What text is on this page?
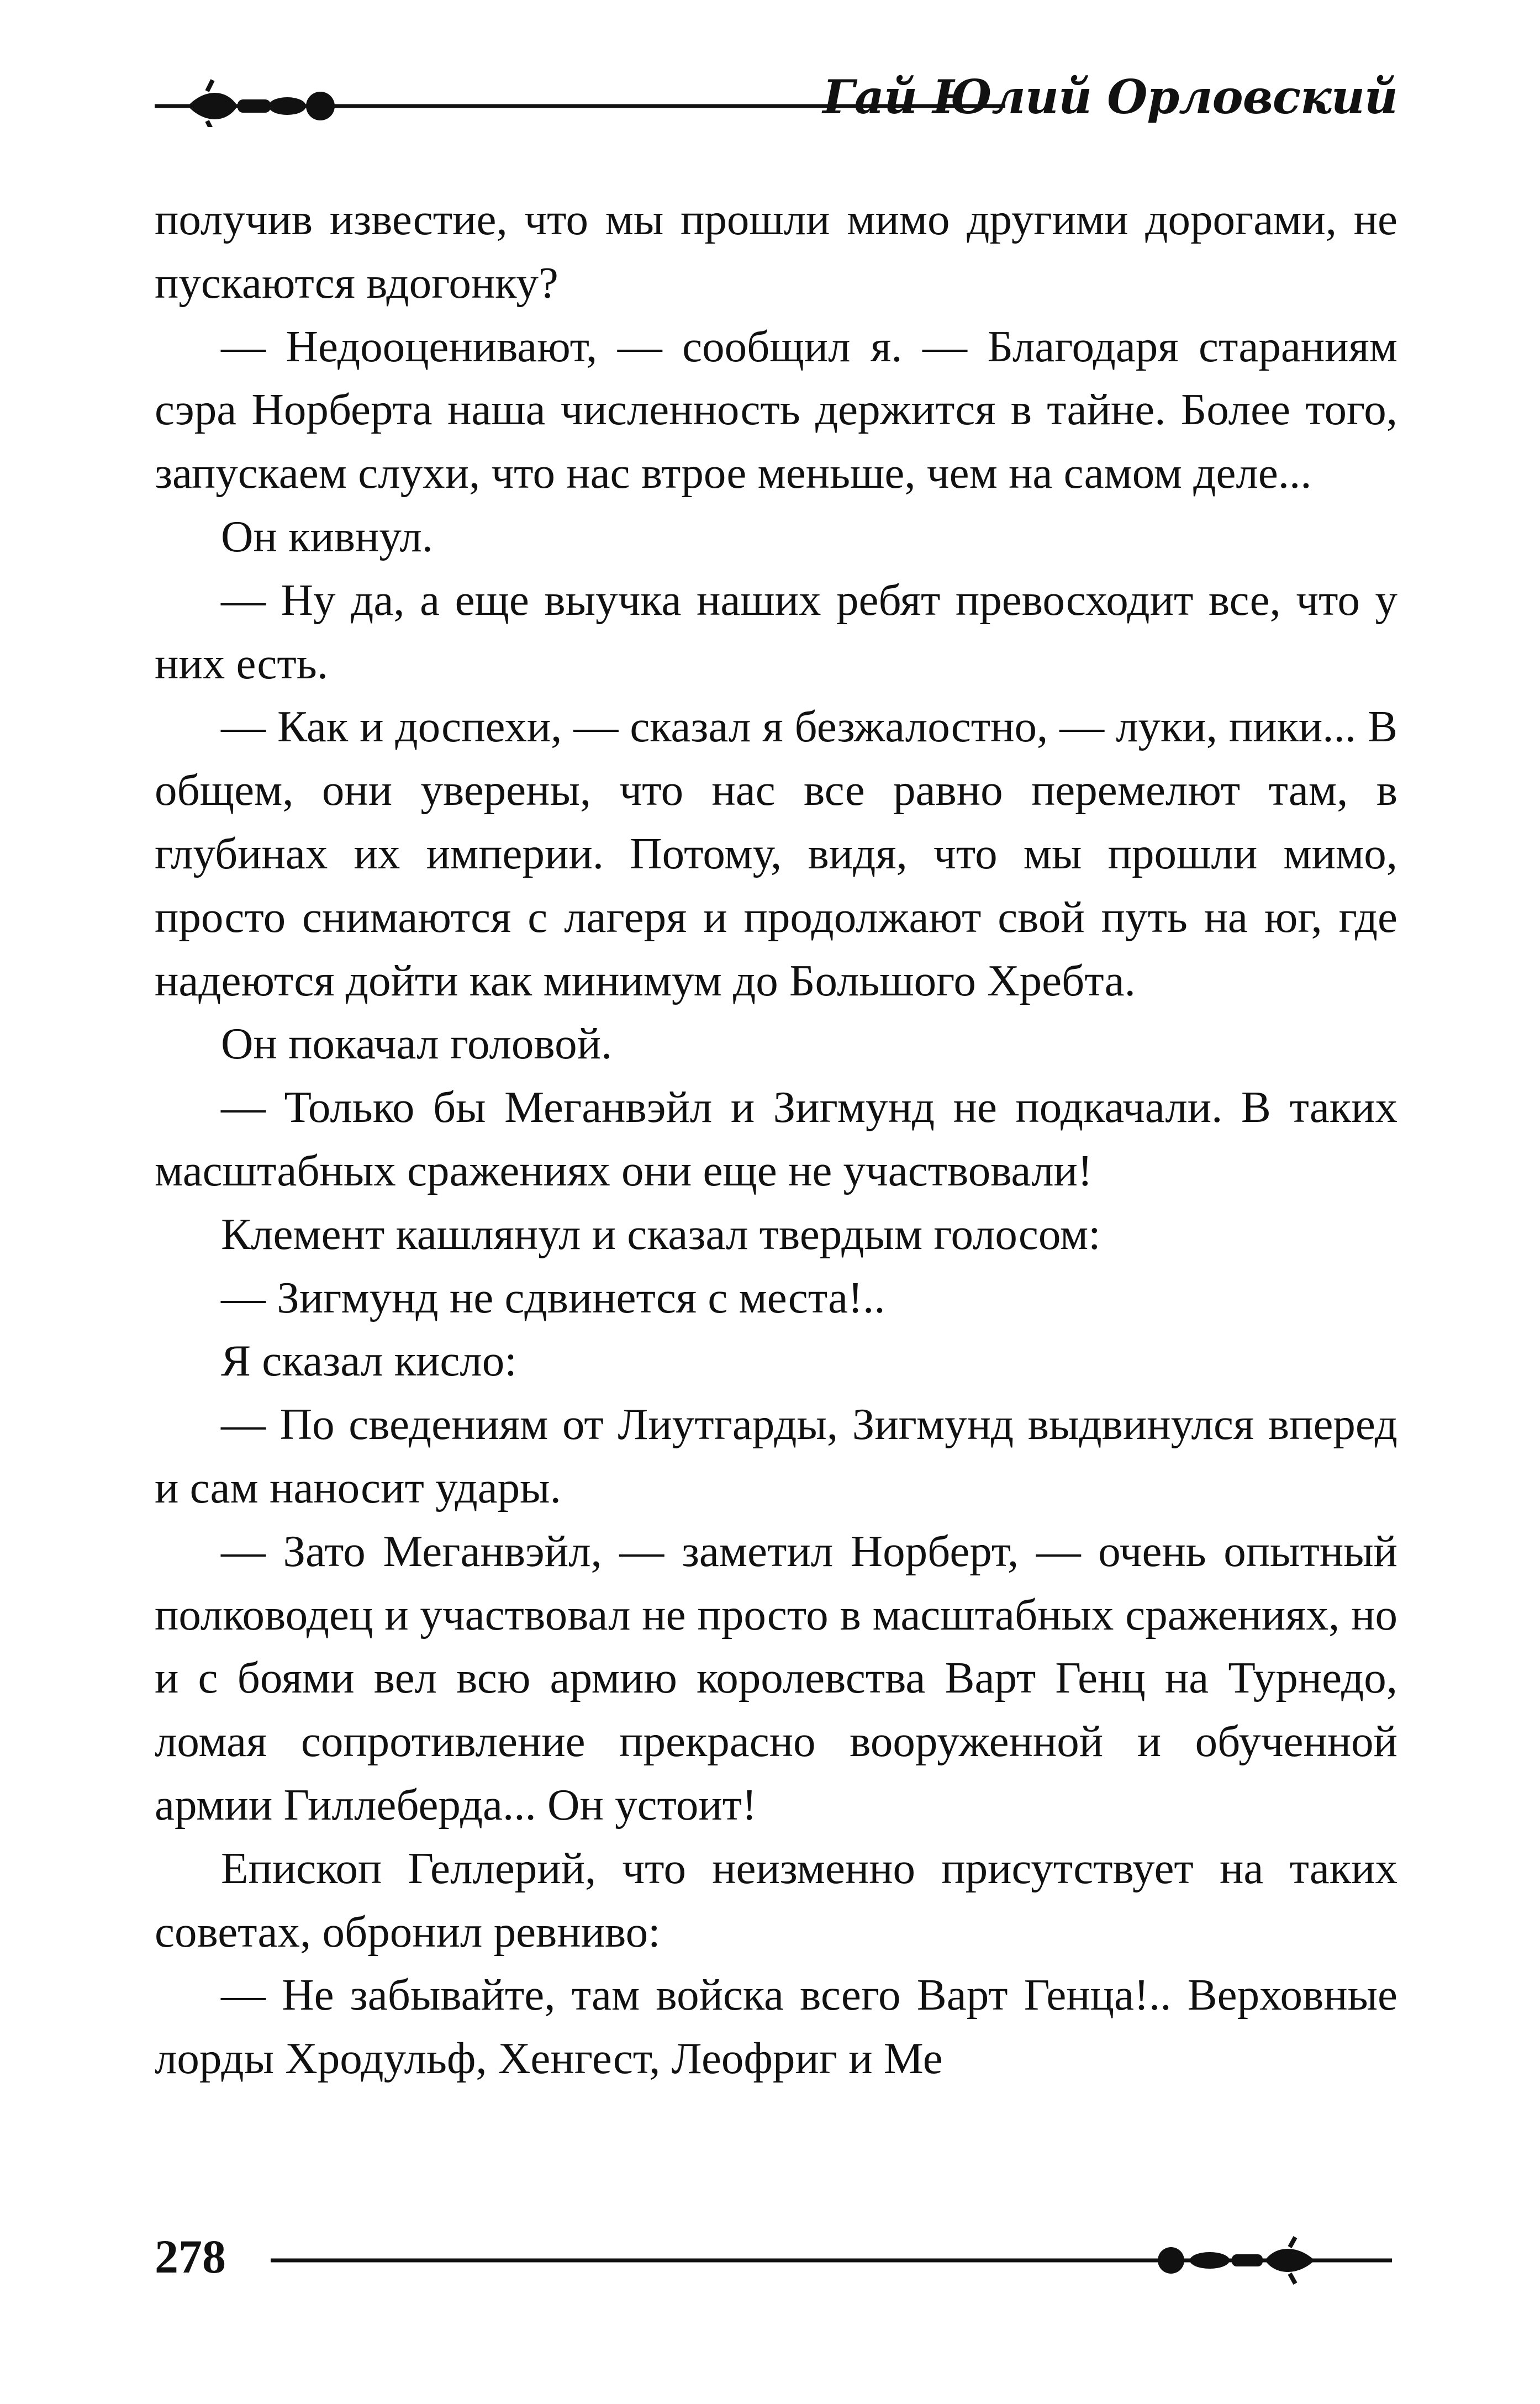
Гай Юлий Орловский

получив известие, что мы прошли мимо другими дорогами, не пускаются вдогонку?

— Недооценивают, — сообщил я. — Благодаря стараниям сэра Норберта наша численность держится в тайне. Более того, запускаем слухи, что нас втрое меньше, чем на самом деле...

Он кивнул.

— Ну да, а еще выучка наших ребят превосходит все, что у них есть.

— Как и доспехи, — сказал я безжалостно, — луки, пики... В общем, они уверены, что нас все равно перемелют там, в глубинах их империи. Потому, видя, что мы прошли мимо, просто снимаются с лагеря и продолжают свой путь на юг, где надеются дойти как минимум до Большого Хребта.

Он покачал головой.

— Только бы Меганвэйл и Зигмунд не подкачали. В таких масштабных сражениях они еще не участвовали!

Клемент кашлянул и сказал твердым голосом:

— Зигмунд не сдвинется с места!..

Я сказал кисло:

— По сведениям от Лиутгарды, Зигмунд выдвинулся вперед и сам наносит удары.

— Зато Меганвэйл, — заметил Норберт, — очень опытный полководец и участвовал не просто в масштабных сражениях, но и с боями вел всю армию королевства Варт Генц на Турнедо, ломая сопротивление прекрасно вооруженной и обученной армии Гиллеберда... Он устоит!

Епископ Геллерий, что неизменно присутствует на таких советах, обронил ревниво:

— Не забывайте, там войска всего Варт Генца!.. Верховные лорды Хродульф, Хенгест, Леофриг и Ме

278
